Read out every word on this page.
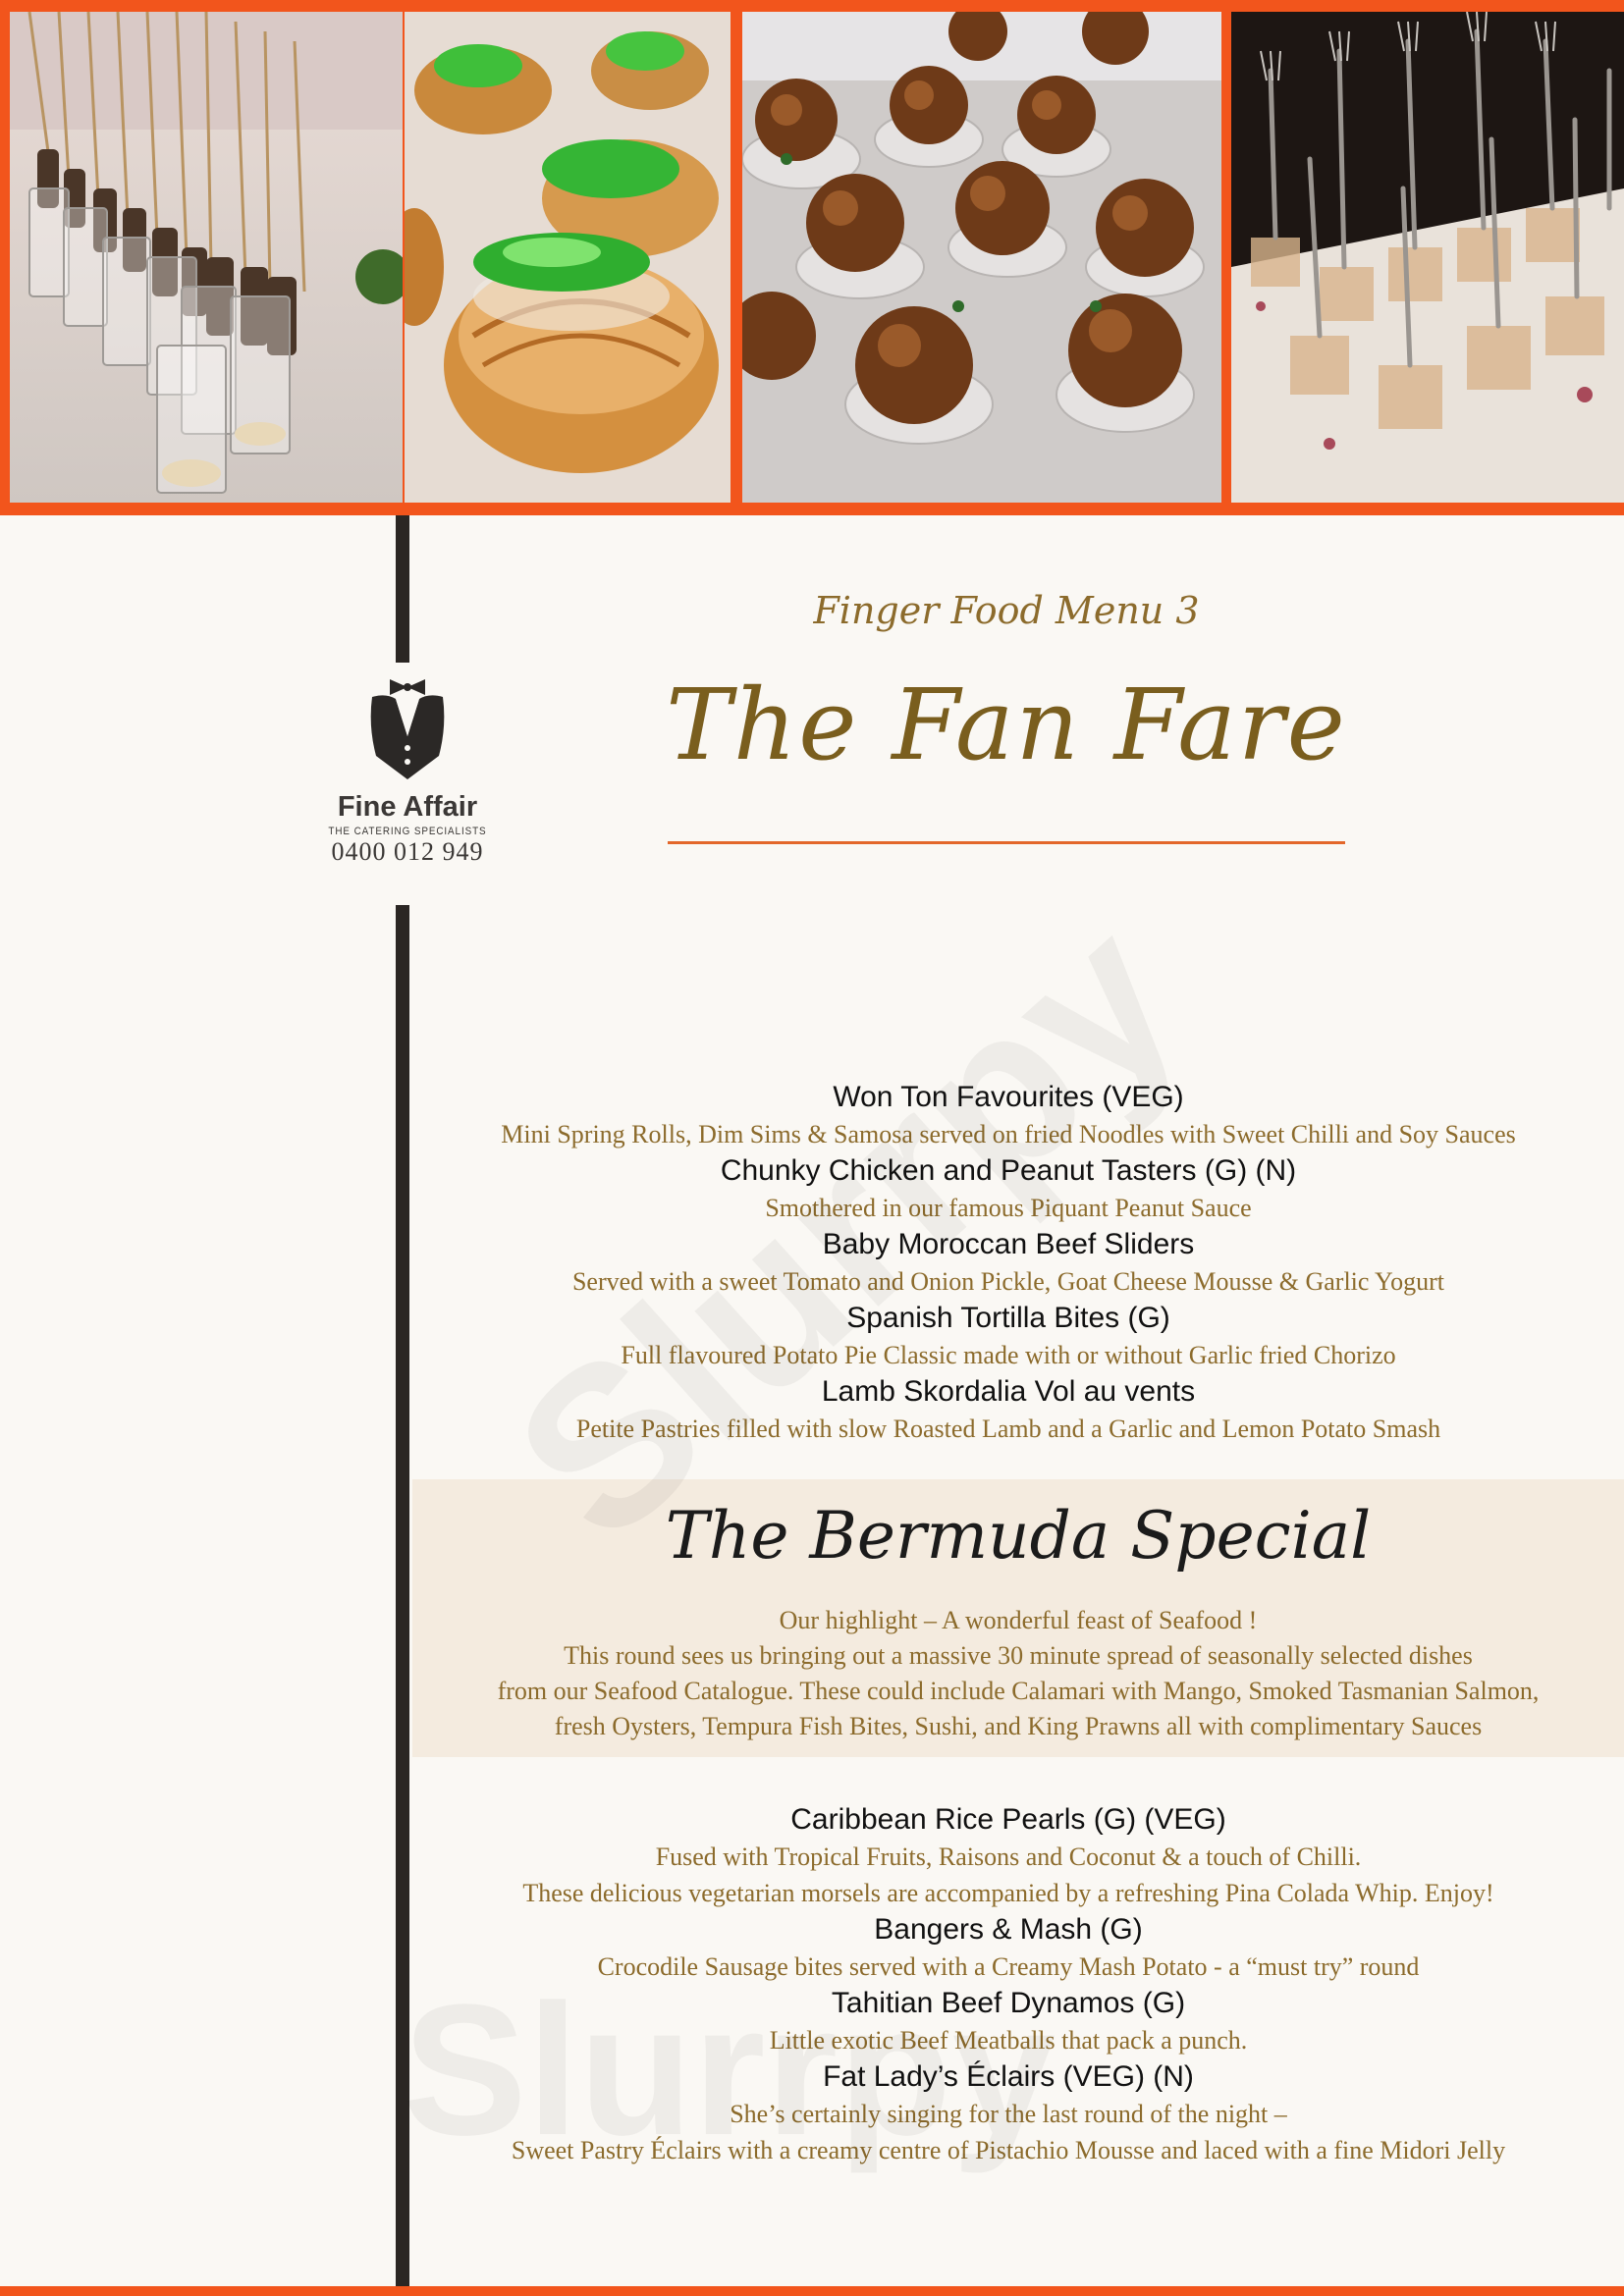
Fine Affair
THE CATERING SPECIALISTS
0400 012 949
Finger Food Menu 3
The Fan Fare
Won Ton Favourites (VEG)
Mini Spring Rolls, Dim Sims & Samosa served on fried Noodles with Sweet Chilli and Soy Sauces
Chunky Chicken and Peanut Tasters (G) (N)
Smothered in our famous Piquant Peanut Sauce
Baby Moroccan Beef Sliders
Served with a sweet Tomato and Onion Pickle, Goat Cheese Mousse & Garlic Yogurt
Spanish Tortilla Bites (G)
Full flavoured Potato Pie Classic made with or without Garlic fried Chorizo
Lamb Skordalia Vol au vents
Petite Pastries filled with slow Roasted Lamb and a Garlic and Lemon Potato Smash
The Bermuda Special
Our highlight – A wonderful feast of Seafood !
This round sees us bringing out a massive 30 minute spread of seasonally selected dishes
from our Seafood Catalogue. These could include Calamari with Mango, Smoked Tasmanian Salmon,
fresh Oysters, Tempura Fish Bites, Sushi, and King Prawns all with complimentary Sauces
Caribbean Rice Pearls (G) (VEG)
Fused with Tropical Fruits, Raisons and Coconut & a touch of Chilli.
These delicious vegetarian morsels are accompanied by a refreshing Pina Colada Whip. Enjoy!
Bangers & Mash (G)
Crocodile Sausage bites served with a Creamy Mash Potato - a “must try” round
Tahitian Beef Dynamos (G)
Little exotic Beef Meatballs that pack a punch.
Fat Lady’s Éclairs (VEG) (N)
She’s certainly singing for the last round of the night –
Sweet Pastry Éclairs with a creamy centre of Pistachio Mousse and laced with a fine Midori Jelly
